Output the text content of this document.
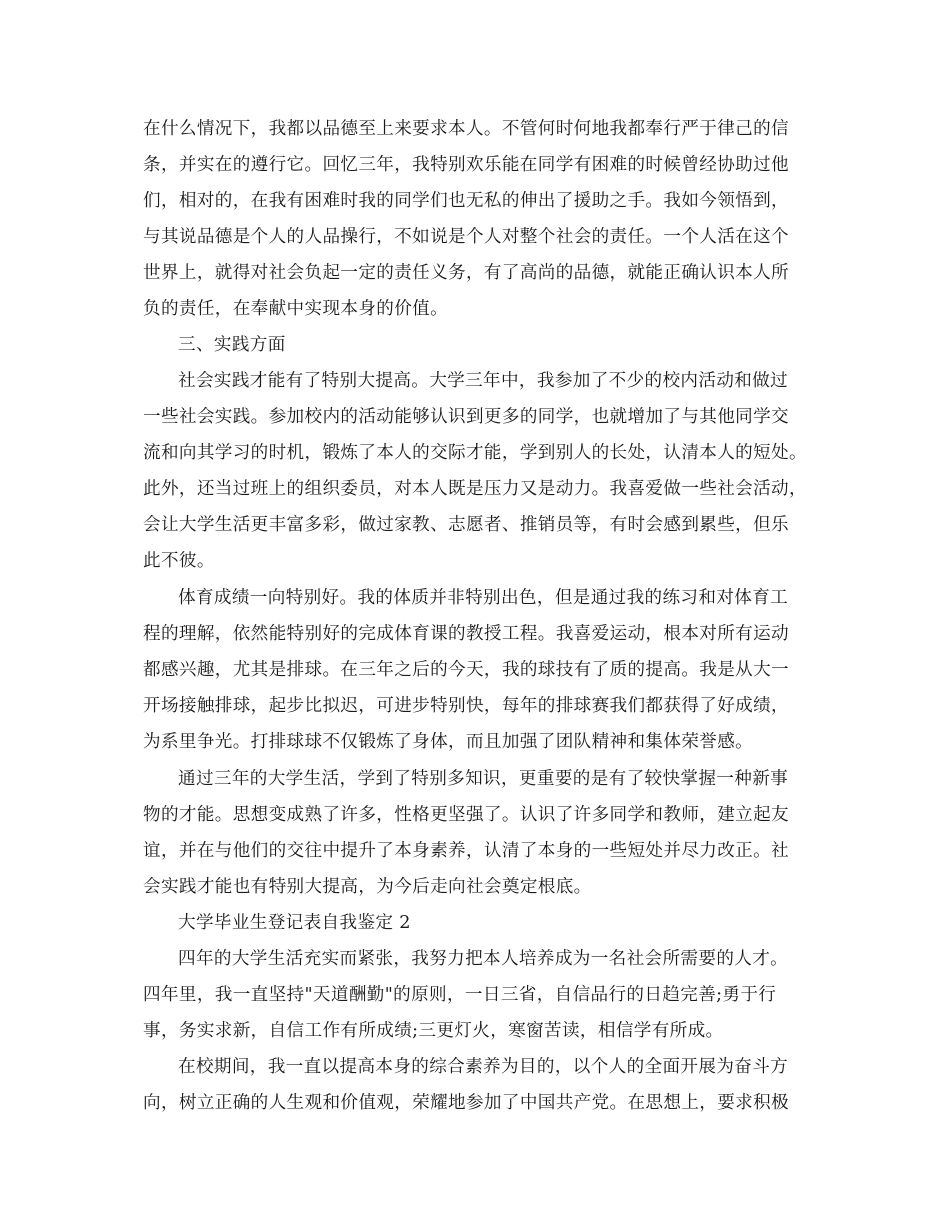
在什么情况下，我都以品德至上来要求本人。不管何时何地我都奉行严于律己的信
条，并实在的遵行它。回忆三年，我特别欢乐能在同学有困难的时候曾经协助过他
们，相对的，在我有困难时我的同学们也无私的伸出了援助之手。我如今领悟到，
与其说品德是个人的人品操行，不如说是个人对整个社会的责任。一个人活在这个
世界上，就得对社会负起一定的责任义务，有了高尚的品德，就能正确认识本人所
负的责任，在奉献中实现本身的价值。
三、实践方面
社会实践才能有了特别大提高。大学三年中，我参加了不少的校内活动和做过
一些社会实践。参加校内的活动能够认识到更多的同学，也就增加了与其他同学交
流和向其学习的时机，锻炼了本人的交际才能，学到别人的长处，认清本人的短处。
此外，还当过班上的组织委员，对本人既是压力又是动力。我喜爱做一些社会活动，
会让大学生活更丰富多彩，做过家教、志愿者、推销员等，有时会感到累些，但乐
此不彼。
体育成绩一向特别好。我的体质并非特别出色，但是通过我的练习和对体育工
程的理解，依然能特别好的完成体育课的教授工程。我喜爱运动，根本对所有运动
都感兴趣，尤其是排球。在三年之后的今天，我的球技有了质的提高。我是从大一
开场接触排球，起步比拟迟，可进步特别快，每年的排球赛我们都获得了好成绩，
为系里争光。打排球球不仅锻炼了身体，而且加强了团队精神和集体荣誉感。
通过三年的大学生活，学到了特别多知识，更重要的是有了较快掌握一种新事
物的才能。思想变成熟了许多，性格更坚强了。认识了许多同学和教师，建立起友
谊，并在与他们的交往中提升了本身素养，认清了本身的一些短处并尽力改正。社
会实践才能也有特别大提高，为今后走向社会奠定根底。
大学毕业生登记表自我鉴定 2
四年的大学生活充实而紧张，我努力把本人培养成为一名社会所需要的人才。
四年里，我一直坚持"天道酬勤"的原则，一日三省，自信品行的日趋完善;勇于行
事，务实求新，自信工作有所成绩;三更灯火，寒窗苦读，相信学有所成。
在校期间，我一直以提高本身的综合素养为目的，以个人的全面开展为奋斗方
向，树立正确的人生观和价值观，荣耀地参加了中国共产党。在思想上，要求积极
